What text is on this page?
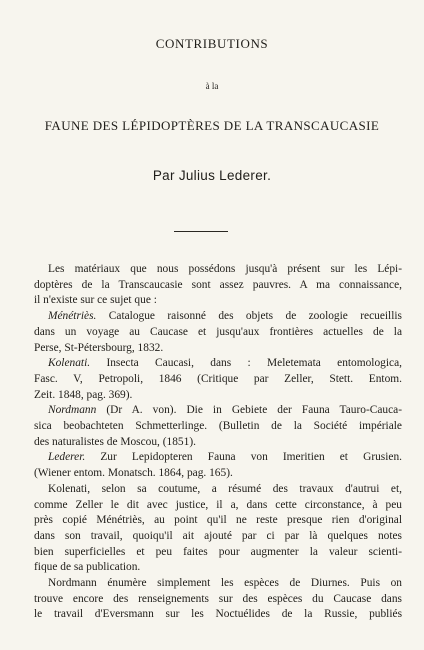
CONTRIBUTIONS
à la
FAUNE DES LÉPIDOPTÈRES DE LA TRANSCAUCASIE
Par Julius Lederer.

Les matériaux que nous possédons jusqu'à présent sur les Lépi-
doptères de la Transcaucasie sont assez pauvres. A ma connaissance,
il n'existe sur ce sujet que :

Ménétriès. Catalogue raisonné des objets de zoologie recueillis
dans un voyage au Caucase et jusqu'aux frontières actuelles de la
Perse, St-Pétersbourg, 1832.

Kolenati. Insecta Caucasi, dans : Meletemata entomologica,
Fasc. V, Petropoli, 1846 (Critique par Zeller, Stett. Entom.
Zeit. 1848, pag. 369).

Nordmann (Dr A. von). Die in Gebiete der Fauna Tauro-Cauca-
sica beobachteten Schmetterlinge. (Bulletin de la Société impériale
des naturalistes de Moscou, (1851).

Lederer. Zur Lepidopteren Fauna von Imeritien et Grusien.
(Wiener entom. Monatsch. 1864, pag. 165).

Kolenati, selon sa coutume, a résumé des travaux d'autrui et,
comme Zeller le dit avec justice, il a, dans cette circonstance, à peu
près copié Ménétriès, au point qu'il ne reste presque rien d'original
dans son travail, quoiqu'il ait ajouté par ci par là quelques notes
bien superficielles et peu faites pour augmenter la valeur scienti-
fique de sa publication.

Nordmann énumère simplement les espèces de Diurnes. Puis on
trouve encore des renseignements sur des espèces du Caucase dans
le travail d'Eversmann sur les Noctuélides de la Russie, publiés
